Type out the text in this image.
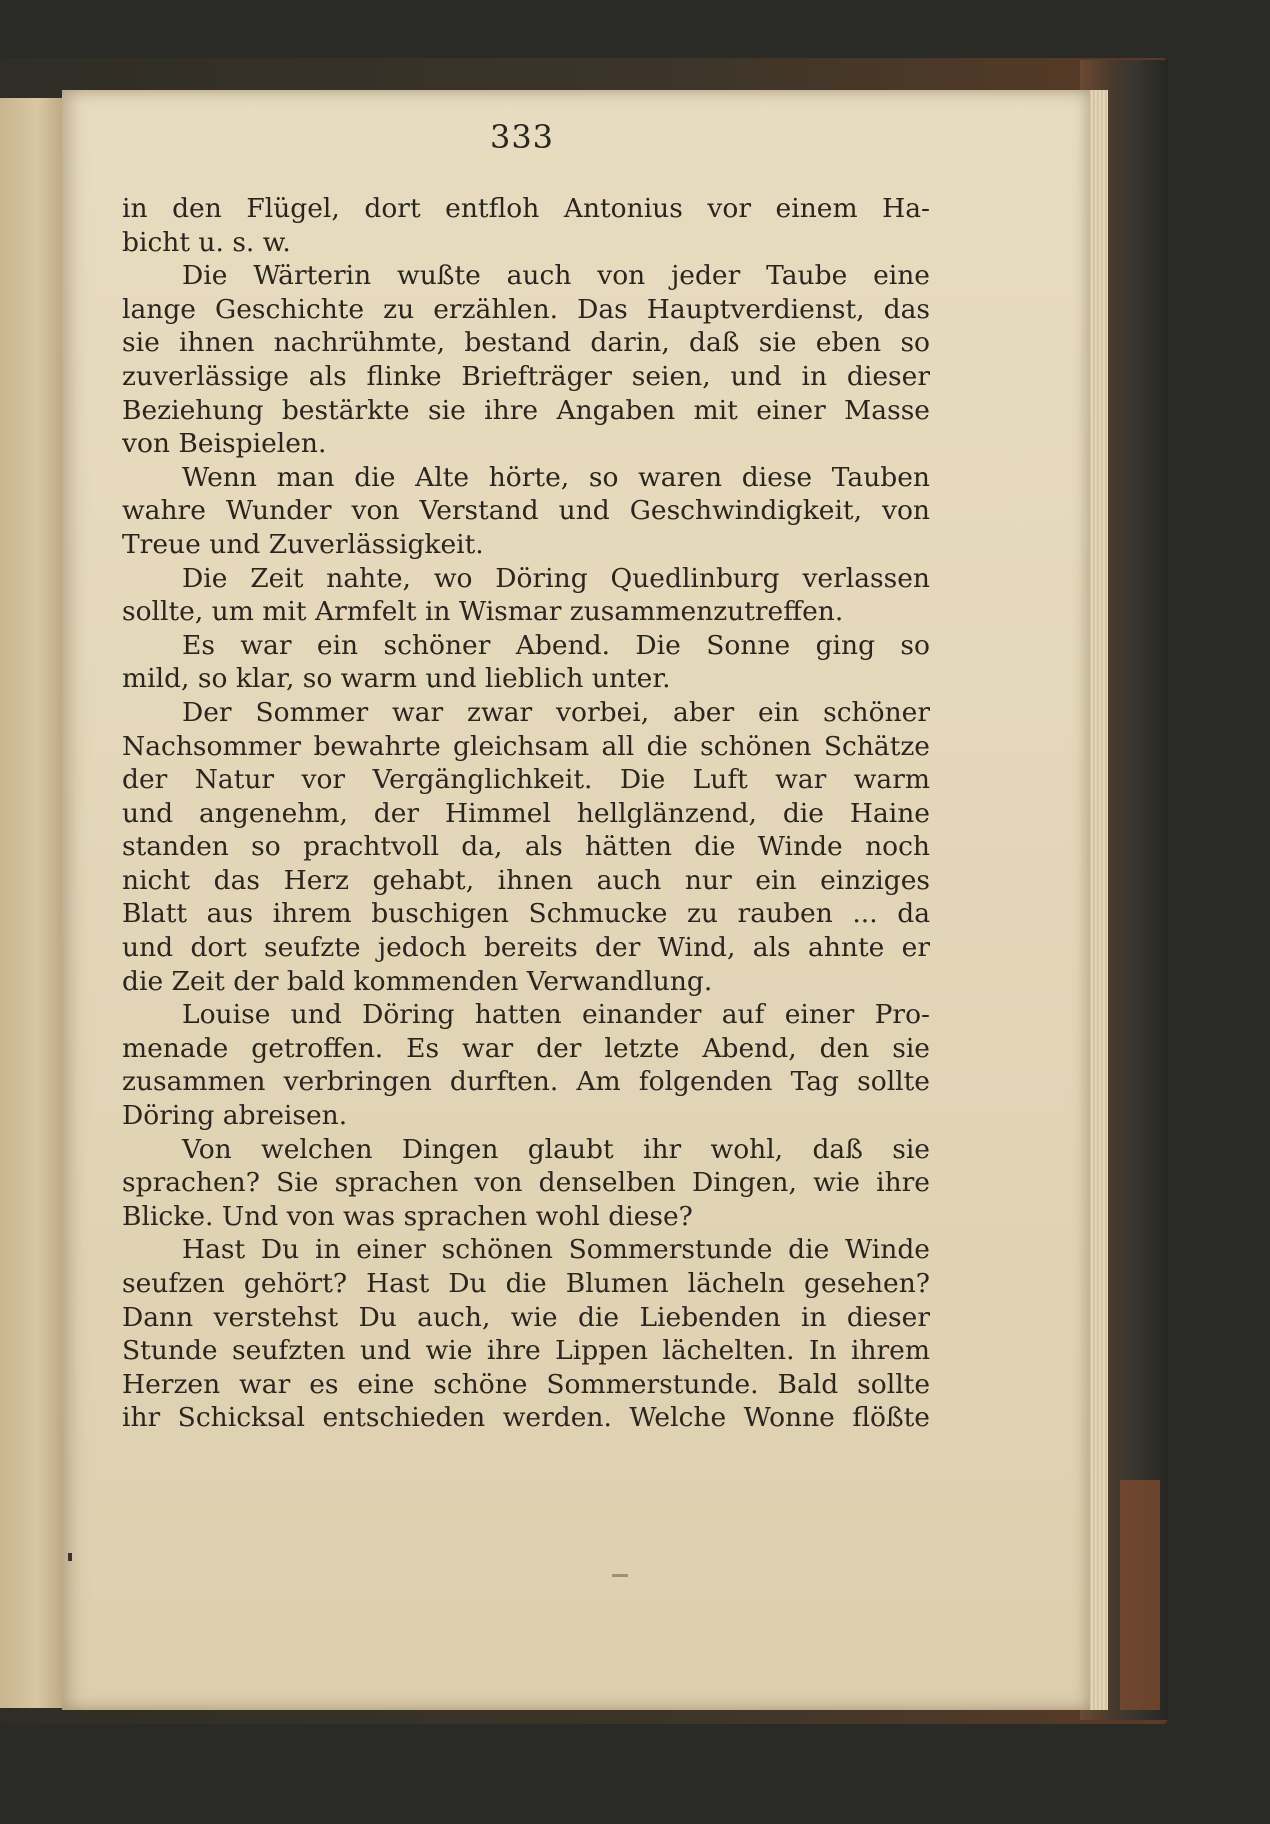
333
in den Flügel, dort entfloh Antonius vor einem Ha-
bicht u. s. w.
Die Wärterin wußte auch von jeder Taube eine
lange Geschichte zu erzählen. Das Hauptverdienst, das
sie ihnen nachrühmte, bestand darin, daß sie eben so
zuverlässige als flinke Briefträger seien, und in dieser
Beziehung bestärkte sie ihre Angaben mit einer Masse
von Beispielen.
Wenn man die Alte hörte, so waren diese Tauben
wahre Wunder von Verstand und Geschwindigkeit, von
Treue und Zuverlässigkeit.
Die Zeit nahte, wo Döring Quedlinburg verlassen
sollte, um mit Armfelt in Wismar zusammenzutreffen.
Es war ein schöner Abend. Die Sonne ging so
mild, so klar, so warm und lieblich unter.
Der Sommer war zwar vorbei, aber ein schöner
Nachsommer bewahrte gleichsam all die schönen Schätze
der Natur vor Vergänglichkeit. Die Luft war warm
und angenehm, der Himmel hellglänzend, die Haine
standen so prachtvoll da, als hätten die Winde noch
nicht das Herz gehabt, ihnen auch nur ein einziges
Blatt aus ihrem buschigen Schmucke zu rauben ... da
und dort seufzte jedoch bereits der Wind, als ahnte er
die Zeit der bald kommenden Verwandlung.
Louise und Döring hatten einander auf einer Pro-
menade getroffen. Es war der letzte Abend, den sie
zusammen verbringen durften. Am folgenden Tag sollte
Döring abreisen.
Von welchen Dingen glaubt ihr wohl, daß sie
sprachen? Sie sprachen von denselben Dingen, wie ihre
Blicke. Und von was sprachen wohl diese?
Hast Du in einer schönen Sommerstunde die Winde
seufzen gehört? Hast Du die Blumen lächeln gesehen?
Dann verstehst Du auch, wie die Liebenden in dieser
Stunde seufzten und wie ihre Lippen lächelten. In ihrem
Herzen war es eine schöne Sommerstunde. Bald sollte
ihr Schicksal entschieden werden. Welche Wonne flößte
